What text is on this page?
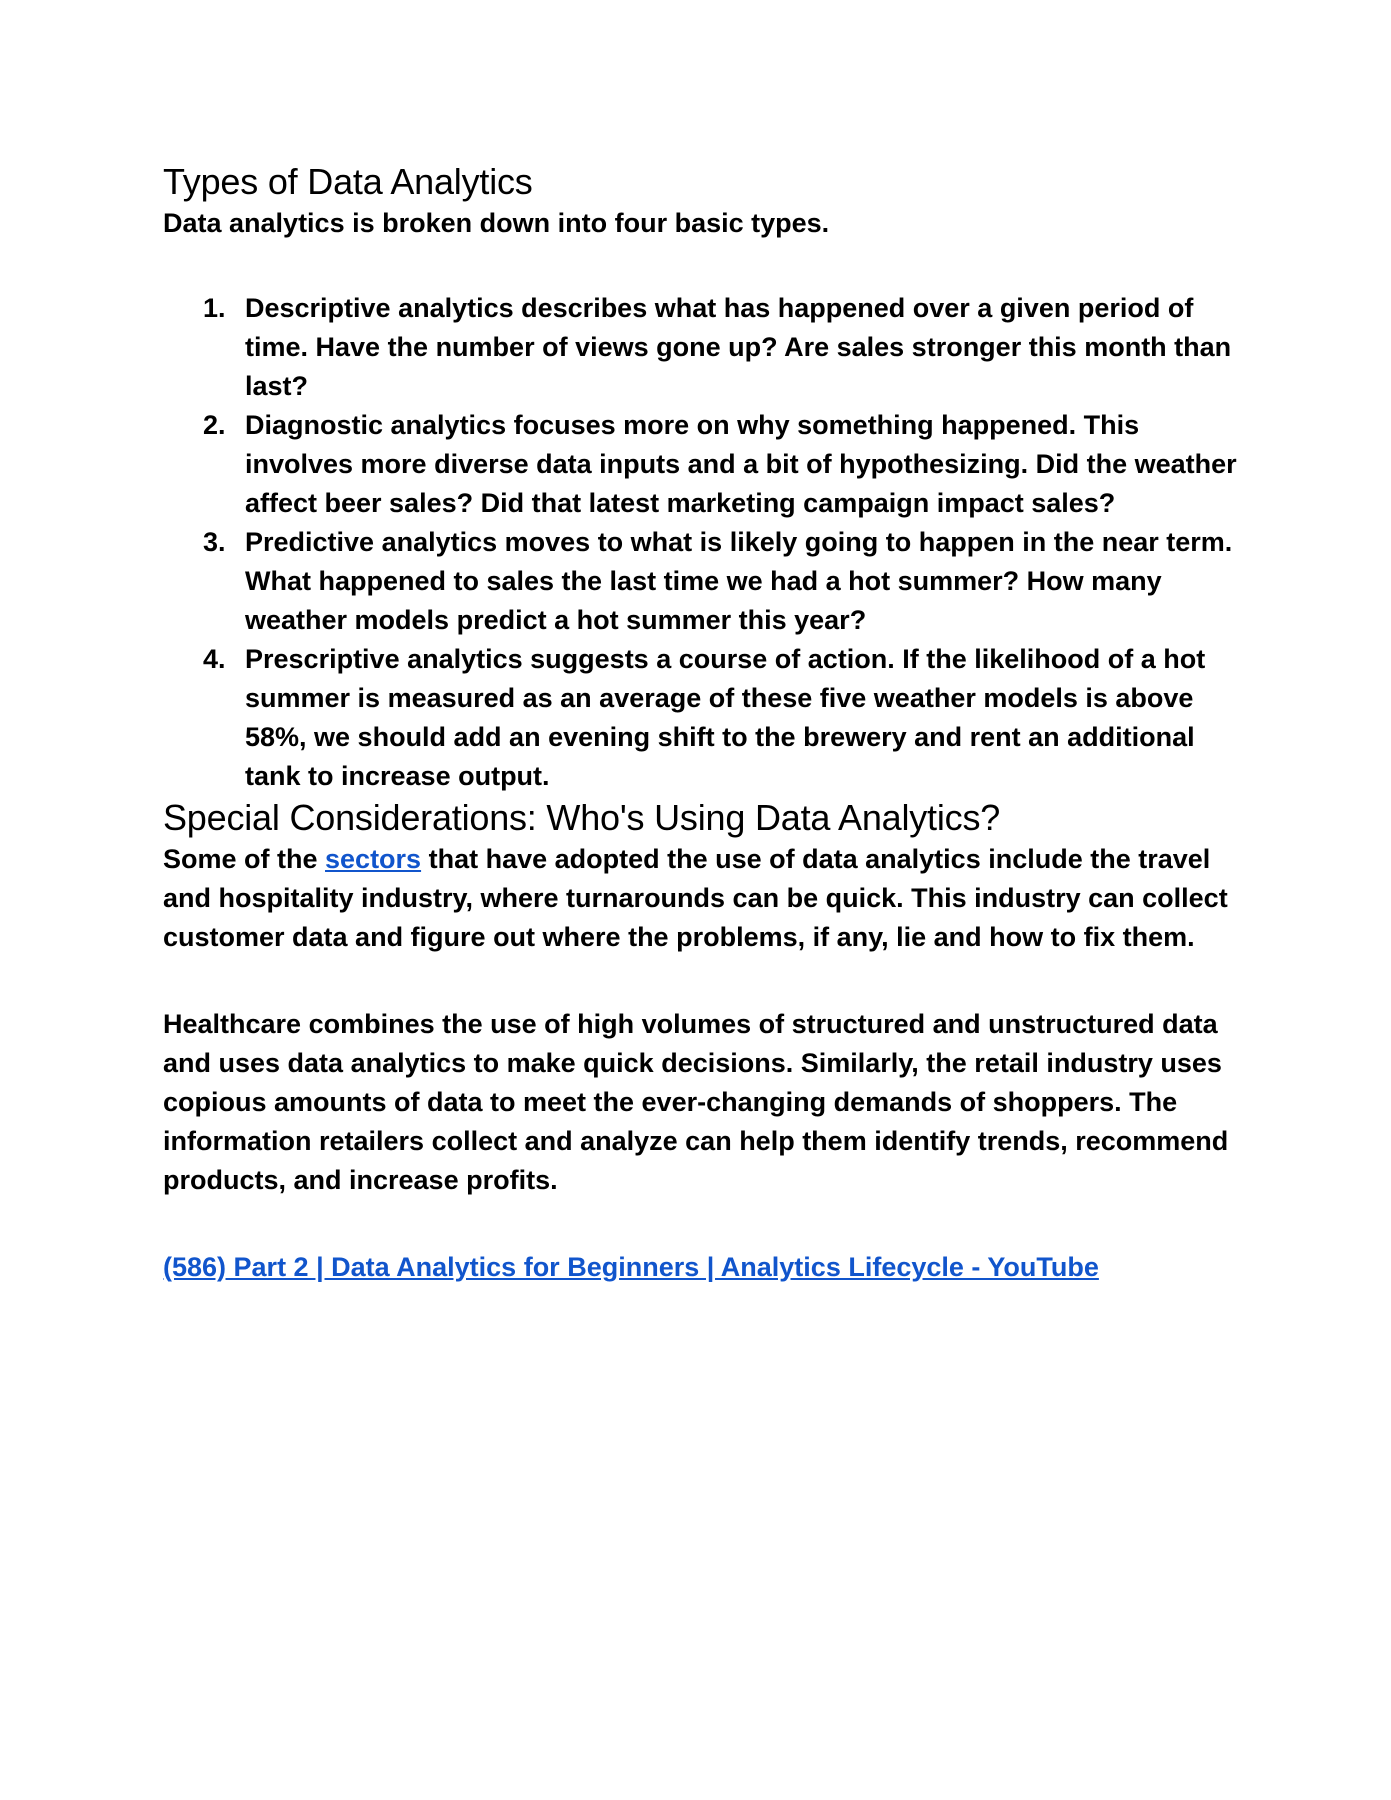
Types of Data Analytics

Data analytics is broken down into four basic types.

1. Descriptive analytics describes what has happened over a given period of time. Have the number of views gone up? Are sales stronger this month than last?
2. Diagnostic analytics focuses more on why something happened. This involves more diverse data inputs and a bit of hypothesizing. Did the weather affect beer sales? Did that latest marketing campaign impact sales?
3. Predictive analytics moves to what is likely going to happen in the near term. What happened to sales the last time we had a hot summer? How many weather models predict a hot summer this year?
4. Prescriptive analytics suggests a course of action. If the likelihood of a hot summer is measured as an average of these five weather models is above 58%, we should add an evening shift to the brewery and rent an additional tank to increase output.
Special Considerations: Who's Using Data Analytics?

Some of the sectors that have adopted the use of data analytics include the travel and hospitality industry, where turnarounds can be quick. This industry can collect customer data and figure out where the problems, if any, lie and how to fix them.

Healthcare combines the use of high volumes of structured and unstructured data and uses data analytics to make quick decisions. Similarly, the retail industry uses copious amounts of data to meet the ever-changing demands of shoppers. The information retailers collect and analyze can help them identify trends, recommend products, and increase profits.

(586) Part 2 | Data Analytics for Beginners | Analytics Lifecycle - YouTube
